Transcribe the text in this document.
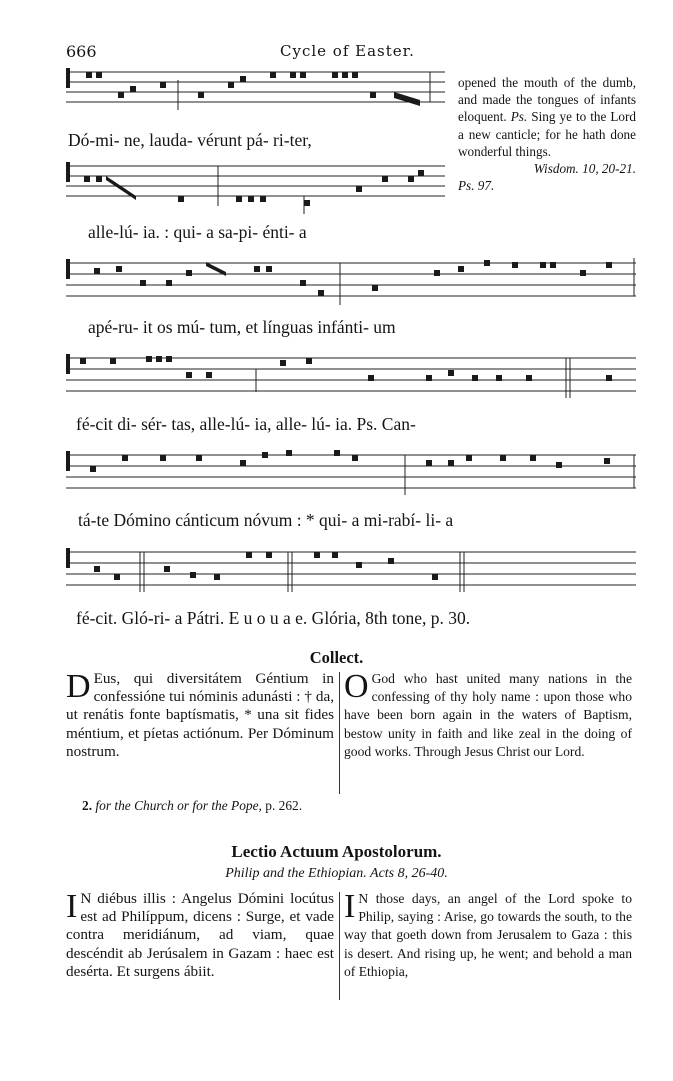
666	Cycle of Easter.
Dó-mi- ne, lauda- vérunt pá- ri-ter,
alle-lú- ia. : qui- a sa-pi- énti- a
apé-ru- it os mú- tum, et línguas infánti- um
fé-cit di- sér- tas, alle-lú- ia, alle- lú- ia. Ps. Can-
tá-te Dómino cánticum nóvum : * qui- a mi-rabí- li- a
fé-cit. Gló-ri- a Pátri. E u o u a e. Glória, 8th tone, p. 30.
opened the mouth of the dumb, and made the tongues of infants eloquent. Ps. Sing ye to the Lord a new canticle; for he hath done wonderful things.
Wisdom. 10, 20-21.
Ps. 97.
Collect.
D Eus, qui diversitátem Géntium in confessióne tui nóminis adunásti : † da, ut renátis fonte baptísmatis, * una sit fides méntium, et píetas actiónum. Per Dóminum nostrum.
O God who hast united many nations in the confessing of thy holy name : upon those who have been born again in the waters of Baptism, bestow unity in faith and like zeal in the doing of good works. Through Jesus Christ our Lord.
2. for the Church or for the Pope, p. 262.
Lectio Actuum Apostolorum.
Philip and the Ethiopian. Acts 8, 26-40.
I N diébus illis : Angelus Dómini locútus est ad Philíppum, dicens : Surge, et vade contra meridiánum, ad viam, quae descéndit ab Jerúsalem in Gazam : haec est desérta. Et surgens ábiit.
I N those days, an angel of the Lord spoke to Philip, saying : Arise, go towards the south, to the way that goeth down from Jerusalem to Gaza : this is desert. And rising up, he went; and behold a man of Ethiopia,
